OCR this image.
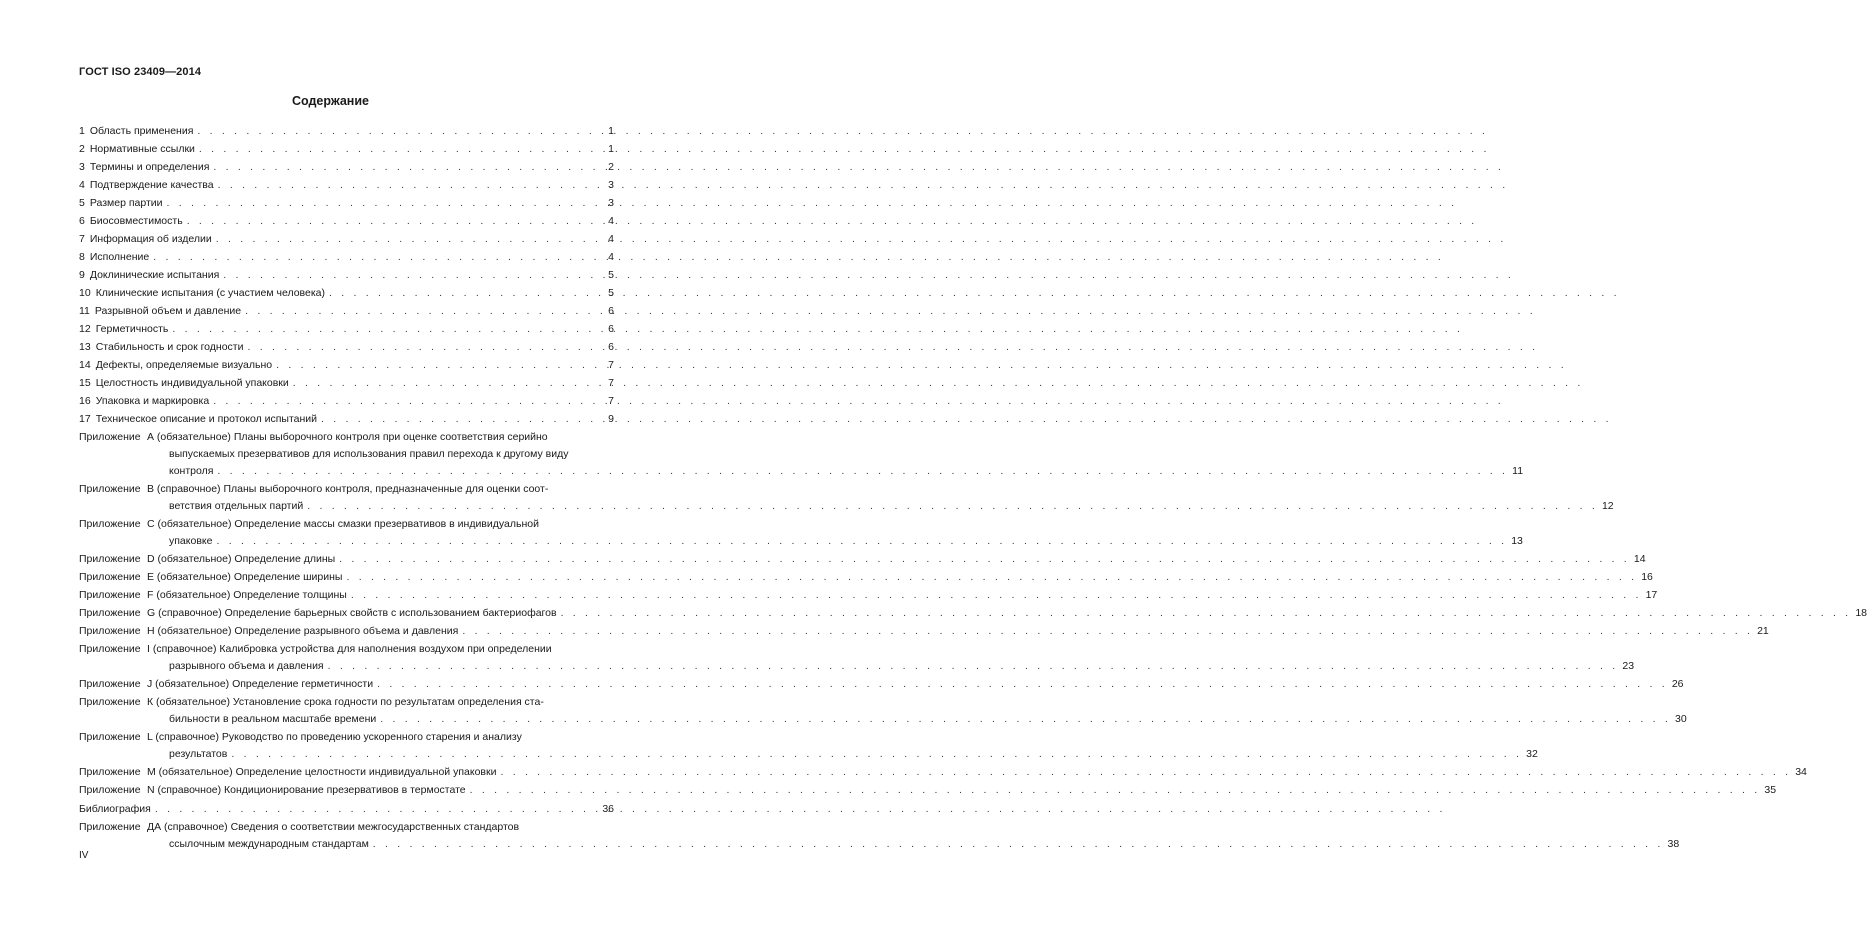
ГОСТ ISO 23409—2014
Содержание
1 Область применения . . .	1
2 Нормативные ссылки . . .	1
3 Термины и определения . . .	2
4 Подтверждение качества . . .	3
5 Размер партии . . .	3
6 Биосовместимость . . .	4
7 Информация об изделии . . .	4
8 Исполнение . . .	4
9 Доклинические испытания . . .	5
10 Клинические испытания (с участием человека) . . .	5
11 Разрывной объем и давление . . .	6
12 Герметичность . . .	6
13 Стабильность и срок годности . . .	6
14 Дефекты, определяемые визуально . . .	7
15 Целостность индивидуальной упаковки . . .	7
16 Упаковка и маркировка . . .	7
17 Техническое описание и протокол испытаний . . .	9
Приложение А (обязательное) Планы выборочного контроля при оценке соответствия серийно
выпускаемых презервативов для использования правил перехода к другому виду
контроля . . .	11
Приложение В (справочное) Планы выборочного контроля, предназначенные для оценки соот-
ветствия отдельных партий . . .	12
Приложение С (обязательное) Определение массы смазки презервативов в индивидуальной
упаковке . . .	13
Приложение D (обязательное) Определение длины . . .	14
Приложение Е (обязательное) Определение ширины . . .	16
Приложение F (обязательное) Определение толщины . . .	17
Приложение G (справочное) Определение барьерных свойств с использованием бактериофагов . . .	18
Приложение Н (обязательное) Определение разрывного объема и давления . . .	21
Приложение I (справочное) Калибровка устройства для наполнения воздухом при определении
разрывного объема и давления . . .	23
Приложение J (обязательное) Определение герметичности . . .	26
Приложение К (обязательное) Установление срока годности по результатам определения ста-
бильности в реальном масштабе времени . . .	30
Приложение L (справочное) Руководство по проведению ускоренного старения и анализу
результатов . . .	32
Приложение М (обязательное) Определение целостности индивидуальной упаковки . . .	34
Приложение N (справочное) Кондиционирование презервативов в термостате . . .	35
Библиография . . .	36
Приложение ДА (справочное) Сведения о соответствии межгосударственных стандартов
ссылочным международным стандартам . . .	38
IV
